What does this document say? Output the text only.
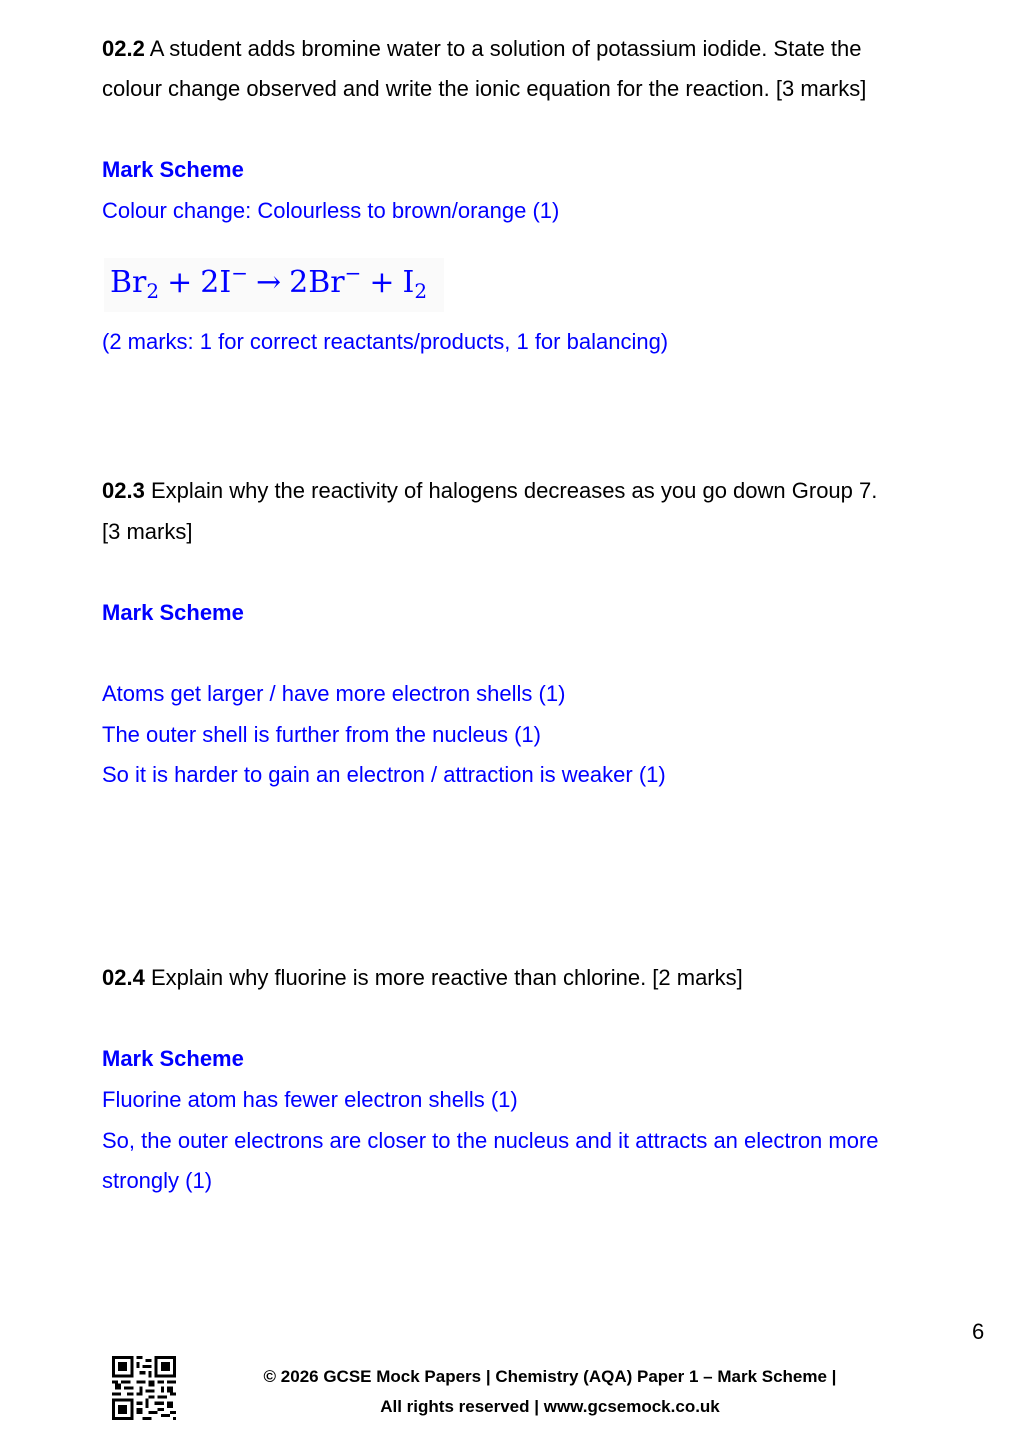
02.2 A student adds bromine water to a solution of potassium iodide. State the
colour change observed and write the ionic equation for the reaction. [3 marks]
Mark Scheme
Colour change: Colourless to brown/orange (1)
$Br_2 + 2I^- \to 2Br^- + I_2$
(2 marks: 1 for correct reactants/products, 1 for balancing)
02.3 Explain why the reactivity of halogens decreases as you go down Group 7.
[3 marks]
Mark Scheme
Atoms get larger / have more electron shells (1)
The outer shell is further from the nucleus (1)
So it is harder to gain an electron / attraction is weaker (1)
02.4 Explain why fluorine is more reactive than chlorine. [2 marks]
Mark Scheme
Fluorine atom has fewer electron shells (1)
So, the outer electrons are closer to the nucleus and it attracts an electron more
strongly (1)
6
© 2026 GCSE Mock Papers | Chemistry (AQA) Paper 1 – Mark Scheme |
All rights reserved | www.gcsemock.co.uk
